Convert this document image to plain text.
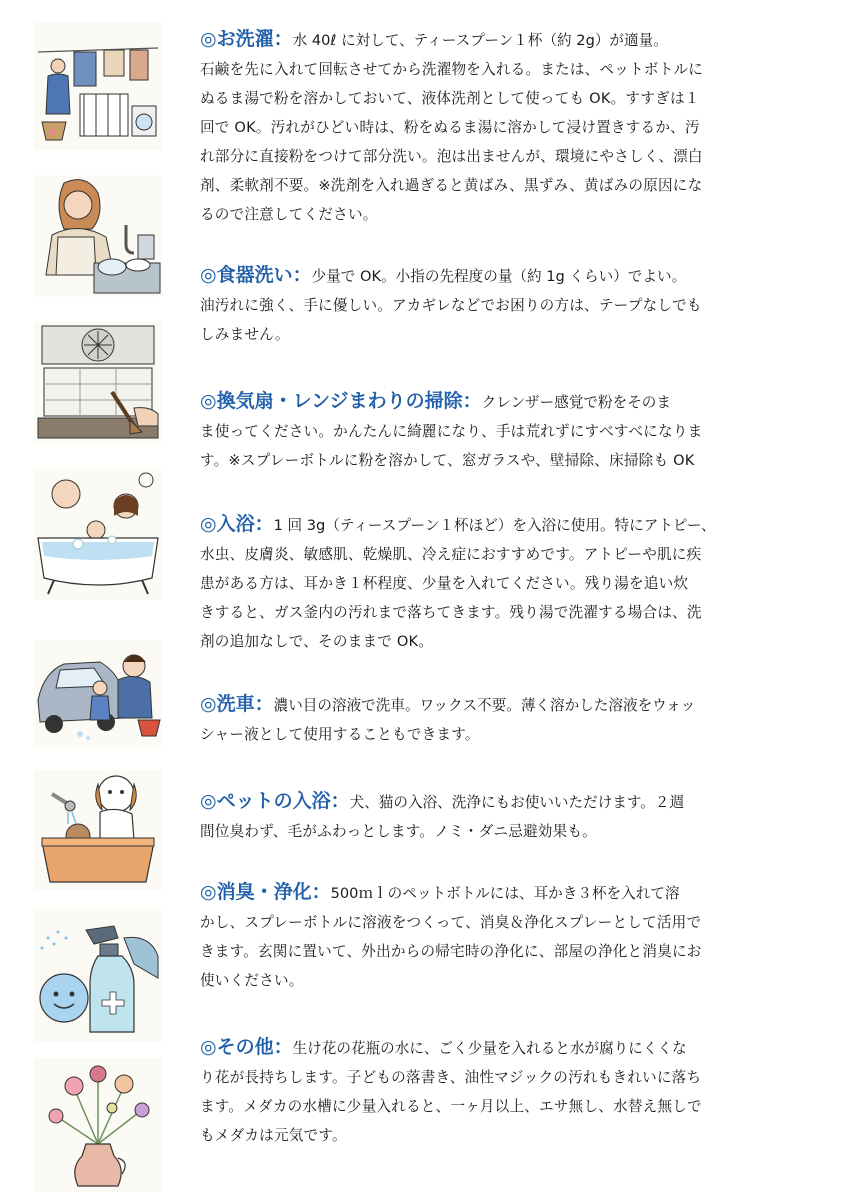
◎お洗濯：水 40ℓ に対して、ティースプーン１杯（約 2g）が適量。
石鹸を先に入れて回転させてから洗濯物を入れる。または、ペットボトルに
ぬるま湯で粉を溶かしておいて、液体洗剤として使っても OK。すすぎは１
回で OK。汚れがひどい時は、粉をぬるま湯に溶かして浸け置きするか、汚
れ部分に直接粉をつけて部分洗い。泡は出ませんが、環境にやさしく、漂白
剤、柔軟剤不要。※洗剤を入れ過ぎると黄ばみ、黒ずみ、黄ばみの原因にな
るので注意してください。
◎食器洗い：少量で OK。小指の先程度の量（約 1g くらい）でよい。
油汚れに強く、手に優しい。アカギレなどでお困りの方は、テープなしでも
しみません。
◎換気扇・レンジまわりの掃除：クレンザー感覚で粉をそのま
ま使ってください。かんたんに綺麗になり、手は荒れずにすべすべになりま
す。※スプレーボトルに粉を溶かして、窓ガラスや、壁掃除、床掃除も OK
◎入浴：1 回 3g（ティースプーン１杯ほど）を入浴に使用。特にアトピー、
水虫、皮膚炎、敏感肌、乾燥肌、冷え症におすすめです。アトピーや肌に疾
患がある方は、耳かき１杯程度、少量を入れてください。残り湯を追い炊
きすると、ガス釜内の汚れまで落ちてきます。残り湯で洗濯する場合は、洗
剤の追加なしで、そのままで OK。
◎洗車：濃い目の溶液で洗車。ワックス不要。薄く溶かした溶液をウォッ
シャー液として使用することもできます。
◎ペットの入浴：犬、猫の入浴、洗浄にもお使いいただけます。２週
間位臭わず、毛がふわっとします。ノミ・ダニ忌避効果も。
◎消臭・浄化：500ｍｌのペットボトルには、耳かき３杯を入れて溶
かし、スプレーボトルに溶液をつくって、消臭＆浄化スプレーとして活用で
きます。玄関に置いて、外出からの帰宅時の浄化に、部屋の浄化と消臭にお
使いください。
◎その他：生け花の花瓶の水に、ごく少量を入れると水が腐りにくくな
り花が長持ちします。子どもの落書き、油性マジックの汚れもきれいに落ち
ます。メダカの水槽に少量入れると、一ヶ月以上、エサ無し、水替え無しで
もメダカは元気です。
